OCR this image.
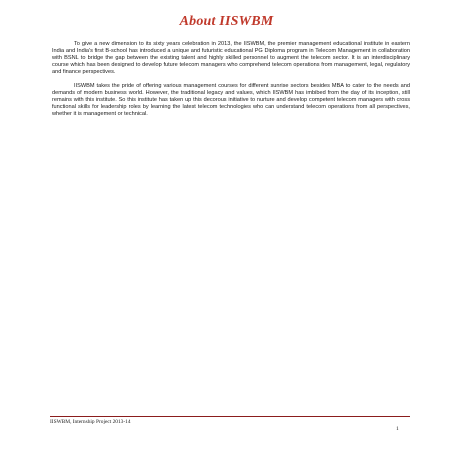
About IISWBM

To give a new dimension to its sixty years celebration in 2013, the IISWBM, the premier management educational institute in eastern India and India's first B-school has introduced a unique and futuristic educational PG Diploma program in Telecom Management in collaboration with BSNL to bridge the gap between the existing talent and highly skilled personnel to augment the telecom sector. It is an interdisciplinary course which has been designed to develop future telecom managers who comprehend telecom operations from management, legal, regulatory and finance perspectives.

IISWBM takes the pride of offering various management courses for different sunrise sectors besides MBA to cater to the needs and demands of modern business world. However, the traditional legacy and values, which IISWBM has imbibed from the day of its inception, still remains with this institute. So this institute has taken up this decorous initiative to nurture and develop competent telecom managers with cross functional skills for leadership roles by learning the latest telecom technologies who can understand telecom operations from all perspectives, whether it is management or technical.

IISWBM, Internship Project 2013-14
1
